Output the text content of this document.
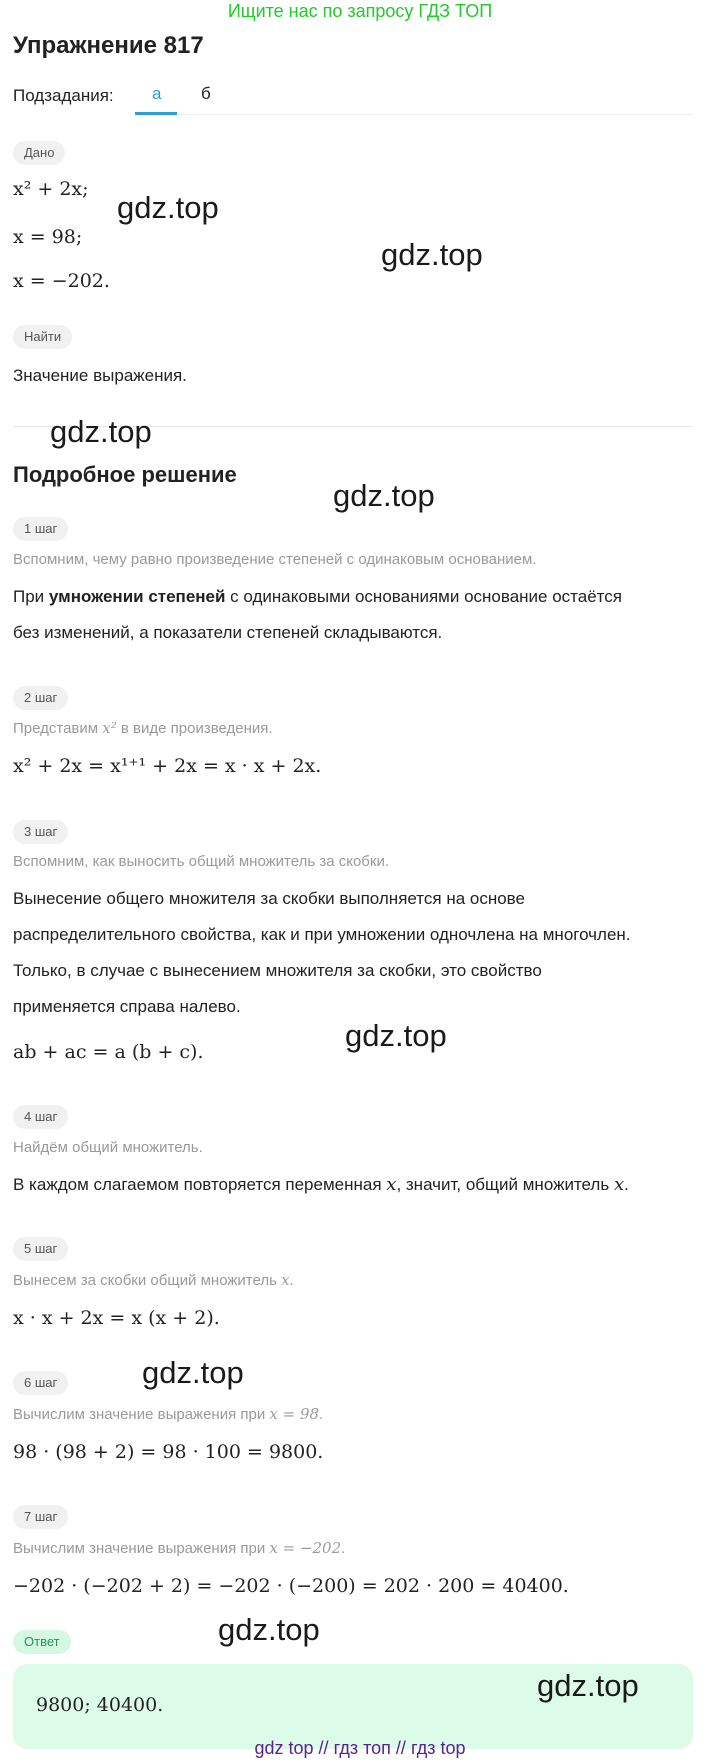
Ищите нас по запросу ГДЗ ТОП
Упражнение 817
Подзадания: а б
Дано
x² + 2x;
x = 98;
x = −202.
Найти
Значение выражения.
Подробное решение
1 шаг
Вспомним, чему равно произведение степеней с одинаковым основанием.
При умножении степеней с одинаковыми основаниями основание остаётся
без изменений, а показатели степеней складываются.
2 шаг
Представим x² в виде произведения.
x² + 2x = x¹⁺¹ + 2x = x · x + 2x.
3 шаг
Вспомним, как выносить общий множитель за скобки.
Вынесение общего множителя за скобки выполняется на основе
распределительного свойства, как и при умножении одночлена на многочлен.
Только, в случае с вынесением множителя за скобки, это свойство
применяется справа налево.
ab + ac = a (b + c).
4 шаг
Найдём общий множитель.
В каждом слагаемом повторяется переменная x, значит, общий множитель x.
5 шаг
Вынесем за скобки общий множитель x.
x · x + 2x = x (x + 2).
6 шаг
Вычислим значение выражения при x = 98.
98 · (98 + 2) = 98 · 100 = 9800.
7 шаг
Вычислим значение выражения при x = −202.
−202 · (−202 + 2) = −202 · (−200) = 202 · 200 = 40400.
Ответ
9800; 40400.
gdz.top
gdz.top
gdz.top
gdz.top
gdz.top
gdz.top
gdz.top
gdz.top
gdz top // гдз топ // гдз top
